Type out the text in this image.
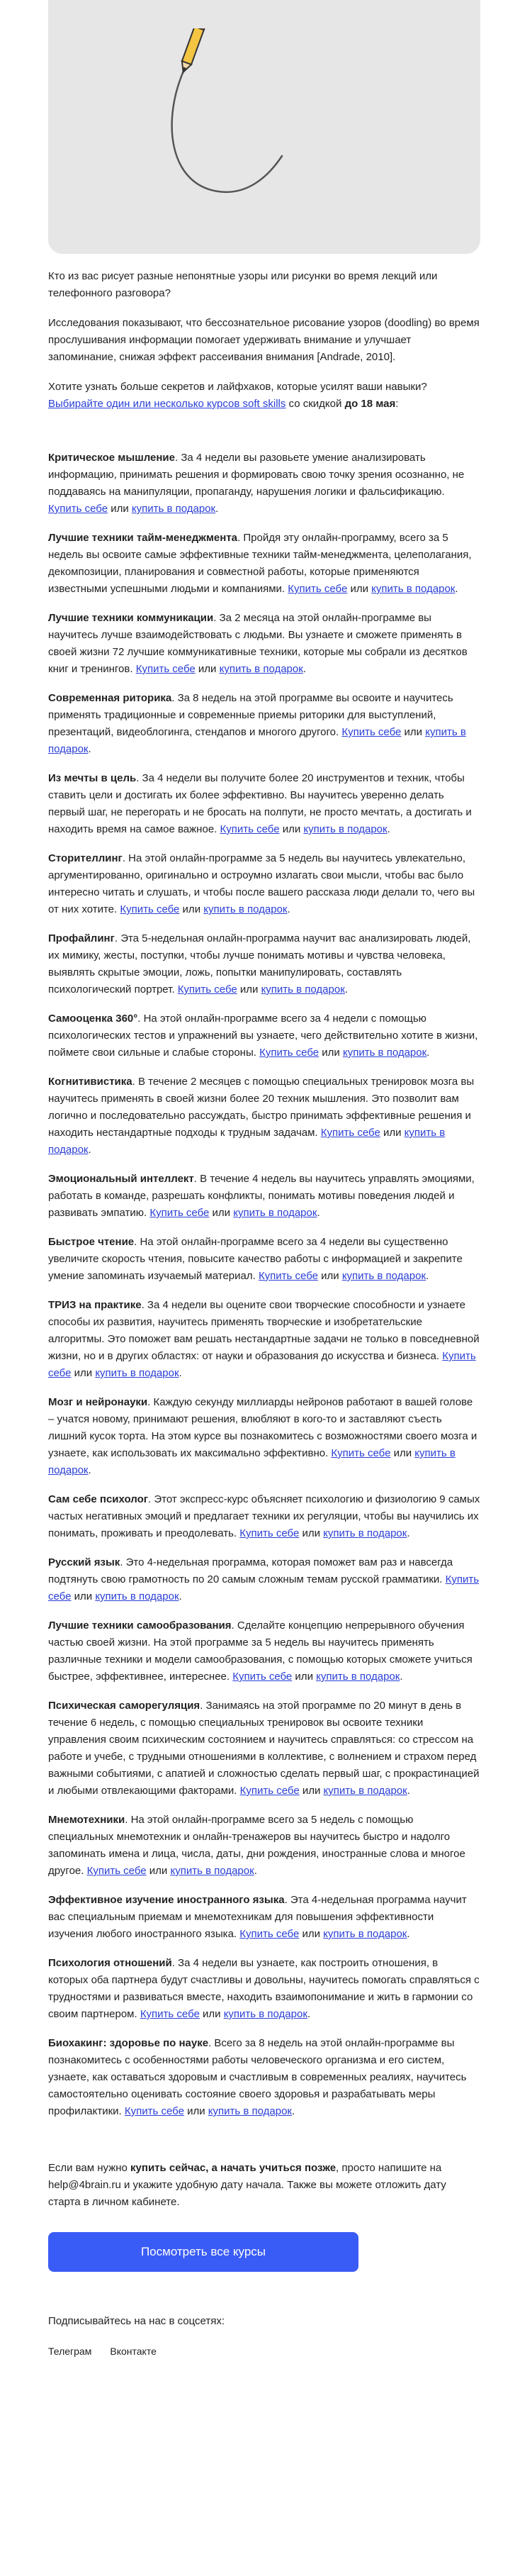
Кто из вас рисует разные непонятные узоры или рисунки во время лекций или телефонного разговора?

Исследования показывают, что бессознательное рисование узоров (doodling) во время прослушивания информации помогает удерживать внимание и улучшает запоминание, снижая эффект рассеивания внимания [Andrade, 2010].

Хотите узнать больше секретов и лайфхаков, которые усилят ваши навыки? Выбирайте один или несколько курсов soft skills со скидкой до 18 мая:

Критическое мышление. За 4 недели вы разовьете умение анализировать информацию, принимать решения и формировать свою точку зрения осознанно, не поддаваясь на манипуляции, пропаганду, нарушения логики и фальсификацию. Купить себе или купить в подарок.

Лучшие техники тайм-менеджмента. Пройдя эту онлайн-программу, всего за 5 недель вы освоите самые эффективные техники тайм-менеджмента, целеполагания, декомпозиции, планирования и совместной работы, которые применяются известными успешными людьми и компаниями. Купить себе или купить в подарок.

Лучшие техники коммуникации. За 2 месяца на этой онлайн-программе вы научитесь лучше взаимодействовать с людьми. Вы узнаете и сможете применять в своей жизни 72 лучшие коммуникативные техники, которые мы собрали из десятков книг и тренингов. Купить себе или купить в подарок.

Современная риторика. За 8 недель на этой программе вы освоите и научитесь применять традиционные и современные приемы риторики для выступлений, презентаций, видеоблогинга, стендапов и многого другого. Купить себе или купить в подарок.

Из мечты в цель. За 4 недели вы получите более 20 инструментов и техник, чтобы ставить цели и достигать их более эффективно. Вы научитесь уверенно делать первый шаг, не перегорать и не бросать на полпути, не просто мечтать, а достигать и находить время на самое важное. Купить себе или купить в подарок.

Сторителлинг. На этой онлайн-программе за 5 недель вы научитесь увлекательно, аргументированно, оригинально и остроумно излагать свои мысли, чтобы вас было интересно читать и слушать, и чтобы после вашего рассказа люди делали то, чего вы от них хотите. Купить себе или купить в подарок.

Профайлинг. Эта 5-недельная онлайн-программа научит вас анализировать людей, их мимику, жесты, поступки, чтобы лучше понимать мотивы и чувства человека, выявлять скрытые эмоции, ложь, попытки манипулировать, составлять психологический портрет. Купить себе или купить в подарок.

Самооценка 360°. На этой онлайн-программе всего за 4 недели с помощью психологических тестов и упражнений вы узнаете, чего действительно хотите в жизни, поймете свои сильные и слабые стороны. Купить себе или купить в подарок.

Когнитивистика. В течение 2 месяцев с помощью специальных тренировок мозга вы научитесь применять в своей жизни более 20 техник мышления. Это позволит вам логично и последовательно рассуждать, быстро принимать эффективные решения и находить нестандартные подходы к трудным задачам. Купить себе или купить в подарок.

Эмоциональный интеллект. В течение 4 недель вы научитесь управлять эмоциями, работать в команде, разрешать конфликты, понимать мотивы поведения людей и развивать эмпатию. Купить себе или купить в подарок.

Быстрое чтение. На этой онлайн-программе всего за 4 недели вы существенно увеличите скорость чтения, повысите качество работы с информацией и закрепите умение запоминать изучаемый материал. Купить себе или купить в подарок.

ТРИЗ на практике. За 4 недели вы оцените свои творческие способности и узнаете способы их развития, научитесь применять творческие и изобретательские алгоритмы. Это поможет вам решать нестандартные задачи не только в повседневной жизни, но и в других областях: от науки и образования до искусства и бизнеса. Купить себе или купить в подарок.

Мозг и нейронауки. Каждую секунду миллиарды нейронов работают в вашей голове – учатся новому, принимают решения, влюбляют в кого-то и заставляют съесть лишний кусок торта. На этом курсе вы познакомитесь с возможностями своего мозга и узнаете, как использовать их максимально эффективно. Купить себе или купить в подарок.

Сам себе психолог. Этот экспресс-курс объясняет психологию и физиологию 9 самых частых негативных эмоций и предлагает техники их регуляции, чтобы вы научились их понимать, проживать и преодолевать. Купить себе или купить в подарок.

Русский язык. Это 4-недельная программа, которая поможет вам раз и навсегда подтянуть свою грамотность по 20 самым сложным темам русской грамматики. Купить себе или купить в подарок.

Лучшие техники самообразования. Сделайте концепцию непрерывного обучения частью своей жизни. На этой программе за 5 недель вы научитесь применять различные техники и модели самообразования, с помощью которых сможете учиться быстрее, эффективнее, интереснее. Купить себе или купить в подарок.

Психическая саморегуляция. Занимаясь на этой программе по 20 минут в день в течение 6 недель, с помощью специальных тренировок вы освоите техники управления своим психическим состоянием и научитесь справляться: со стрессом на работе и учебе, с трудными отношениями в коллективе, с волнением и страхом перед важными событиями, с апатией и сложностью сделать первый шаг, с прокрастинацией и любыми отвлекающими факторами. Купить себе или купить в подарок.

Мнемотехники. На этой онлайн-программе всего за 5 недель с помощью специальных мнемотехник и онлайн-тренажеров вы научитесь быстро и надолго запоминать имена и лица, числа, даты, дни рождения, иностранные слова и многое другое. Купить себе или купить в подарок.

Эффективное изучение иностранного языка. Эта 4-недельная программа научит вас специальным приемам и мнемотехникам для повышения эффективности изучения любого иностранного языка. Купить себе или купить в подарок.

Психология отношений. За 4 недели вы узнаете, как построить отношения, в которых оба партнера будут счастливы и довольны, научитесь помогать справляться с трудностями и развиваться вместе, находить взаимопонимание и жить в гармонии со своим партнером. Купить себе или купить в подарок.

Биохакинг: здоровье по науке. Всего за 8 недель на этой онлайн-программе вы познакомитесь с особенностями работы человеческого организма и его систем, узнаете, как оставаться здоровым и счастливым в современных реалиях, научитесь самостоятельно оценивать состояние своего здоровья и разрабатывать меры профилактики. Купить себе или купить в подарок.

Если вам нужно купить сейчас, а начать учиться позже, просто напишите на help@4brain.ru и укажите удобную дату начала. Также вы можете отложить дату старта в личном кабинете.

Посмотреть все курсы

Подписывайтесь на нас в соцсетях:

Телеграм Вконтакте
